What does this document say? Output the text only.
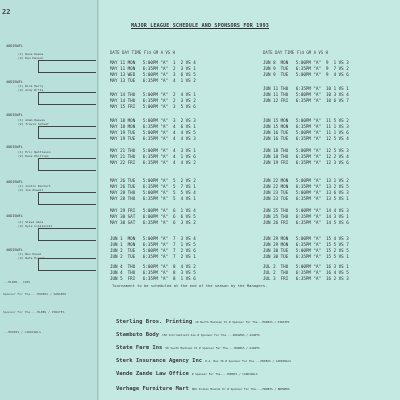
22
40DISWFL
40DISWFL
40DISWFL
40DISWFL
40DISWFL
40DISWFL
40DISWFL
(1) Dave Keene
(2) Dan Hanson
(1) Rick Perry
(2) Andy Brite
(1) Adam Reeves
(2) Travis Schaaf
(1) Eric Nettleson
(2) Dave Phillips
(1) Justin Kontert
(2) Joe Powell
(1) Steve Amos
(2) Kyle Lipszenski
(1) Ben Kowal
(2) Nate Powell
...MLBBS - 1985
Sponsor For The....MUDBIS / RANGERS
Sponsor For The....MLBBS / PIRATES
...MUDBIS / CARDINALS
MAJOR LEAGUE SCHEDULE AND SPONSORS FOR 1993
DATE DAY TIME Fld GM A VS H	DATE DAY TIME Fld GM A VS H
MAY 11 MON   5:00PM "A"  1  2 VS 4
MAY 11 MON   6:35PM "A"  2  3 VS 1
MAY 13 WED   5:00PM "A"  3  6 VS 5
MAY 13 TUE   6:35PM "A"  4  1 VS 2
MAY 14 THU   5:00PM "A"  2  4 VS 1
MAY 14 THU   6:35PM "A"  2  3 VS 2
MAY 15 FRI   5:00PM "A"  3  5 VS 6
MAY 18 MON   5:00PM "A"  3  2 VS 3
MAY 18 MON   6:35PM "A"  4  6 VS 1
MAY 19 TUE   5:00PM "A"  4  4 VS 5
MAY 19 TUE   6:35PM "A"  4  4 VS 3
MAY 21 THU   5:00PM "A"  4  3 VS 1
MAY 21 THU   6:35PM "A"  4  1 VS 6
MAY 22 FRI   6:35PM "A"  4  4 VS 2
MAY 26 TUE   5:00PM "A"  5  2 VS 2
MAY 26 TUE   6:35PM "A"  5  7 VS 1
MAY 28 THU   5:00PM "A"  5  5 VS 4
MAY 28 THU   6:35PM "A"  5  4 VS 1
MAY 29 FRI   5:00PM "A"  6  1 VS 4
MAY 30 SAT   6:00PM "A"  6  6 VS 5
MAY 30 SAT   6:35PM "A"  6  3 VS 2
JUN 1  MON   5:00PM "A"  7  3 VS 4
JUN 1  MON   6:35PM "A"  7  1 VS 5
JUN 2  TUE   5:00PM "A"  7  2 VS 6
JUN 2  TUE   6:35PM "A"  7  2 VS 1
JUN 4  THU   5:00PM "A"  8  4 VS 2
JUN 4  THU   6:35PM "A"  8  3 VS 5
JUN 5  FRI   6:35PM "A"  8  1 VS 6
JUN 8  MON   5:00PM "A"  9  1 VS 3
JUN 9  TUE   6:35PM "A"  9  7 VS 2
JUN 9  TUE   5:00PM "A"  9  4 VS 6
JUN 11 THU   6:35PM "A"  10 1 VS 1
JUN 11 THU   5:00PM "A"  10 3 VS 4
JUN 12 FRI   6:35PM "A"  10 6 VS 7
JUN 15 MON   5:00PM "A"  11 5 VS 2
JUN 15 MON   6:35PM "A"  11 1 VS 3
JUN 16 TUE   5:00PM "A"  11 1 VS 6
JUN 16 TUE   6:35PM "A"  12 5 VS 4
JUN 18 THU   5:00PM "A"  12 5 VS 3
JUN 18 THU   6:35PM "A"  12 2 VS 4
JUN 19 FRI   6:35PM "A"  12 3 VS 6
JUN 22 MON   5:00PM "A"  13 1 VS 2
JUN 22 MON   6:35PM "A"  13 2 VS 5
JUN 23 TUE   5:00PM "A"  13 6 VS 3
JUN 23 TUE   6:35PM "A"  13 5 VS 1
JUN 25 THU   5:00PM "A"  14 4 VS 3
JUN 25 THU   6:35PM "A"  14 3 VS 1
JUN 26 FRI   6:35PM "A"  14 5 VS 6
JUN 29 MON   5:00PM "A"  15 4 VS 3
JUN 29 MON   6:35PM "A"  15 5 VS 7
JUN 30 TUE   5:00PM "A"  15 2 VS 5
JUN 30 TUE   6:35PM "A"  15 5 VS 1
JUL 2  THU   5:00PM "A"  16 3 VS 1
JUL 2  THU   6:35PM "A"  16 4 VS 5
JUL 3  FRI   6:35PM "A"  16 2 VS 3
Tournament to be scheduled at the end of the season by the Managers.
Sterling Bros. Printing 18 North Madison St # Sponsor For The...MUDBIS / PIRATES
Stambuto Body 150 Schrimshield Ave # Sponsor For The....DODGERS / GIANTS
State Farm Ins 58 South Madison St # Sponsor For The....MUDBIS / GIANTS
Sterk Insurance Agency Inc P.A. Box 36 # Sponsor For The....MUDBIS / CARDINALS
Vande Zande Law Office # Sponsor For The....MUDBIS / CARDINALS
Verhage Furniture Mart 866 Indian Mounds Dr # Sponsor For The....MUDBIS / BREWERS
